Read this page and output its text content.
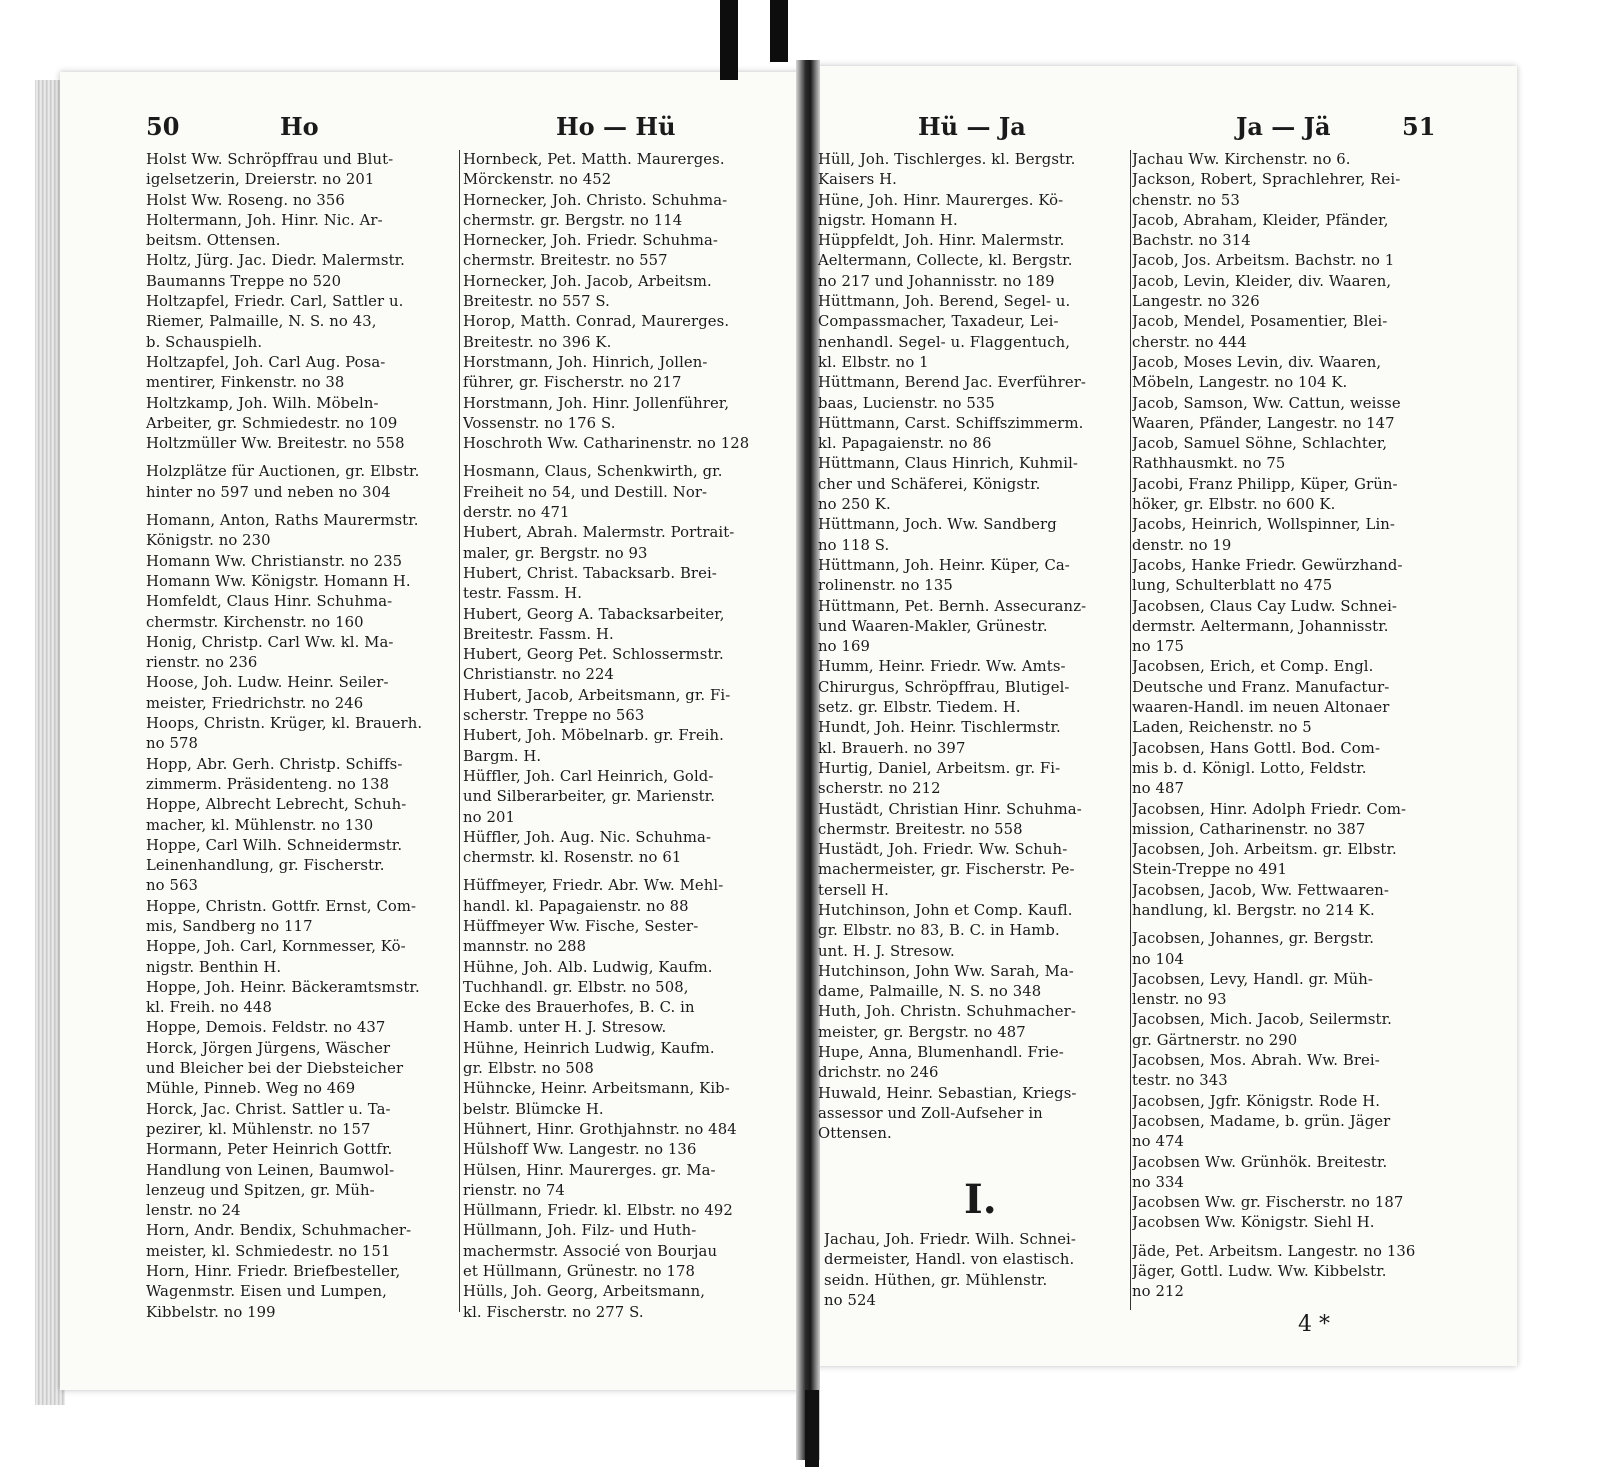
50	Ho	Ho — Hü	Hü — Ja	Ja — Jä	51
Holst Ww. Schröpffrau und Blut-
igelsetzerin, Dreierstr. no 201
Holst Ww. Roseng. no 356
Holtermann, Joh. Hinr. Nic. Ar-
beitsm. Ottensen.
Holtz, Jürg. Jac. Diedr. Malermstr.
Baumanns Treppe no 520
Holtzapfel, Friedr. Carl, Sattler u.
Riemer, Palmaille, N. S. no 43,
b. Schauspielh.
Holtzapfel, Joh. Carl Aug. Posa-
mentirer, Finkenstr. no 38
Holtzkamp, Joh. Wilh. Möbeln-
Arbeiter, gr. Schmiedestr. no 109
Holtzmüller Ww. Breitestr. no 558
Holzplätze für Auctionen, gr. Elbstr.
hinter no 597 und neben no 304
Homann, Anton, Raths Maurermstr.
Königstr. no 230
Homann Ww. Christianstr. no 235
Homann Ww. Königstr. Homann H.
Homfeldt, Claus Hinr. Schuhma-
chermstr. Kirchenstr. no 160
Honig, Christp. Carl Ww. kl. Ma-
rienstr. no 236
Hoose, Joh. Ludw. Heinr. Seiler-
meister, Friedrichstr. no 246
Hoops, Christn. Krüger, kl. Brauerh.
no 578
Hopp, Abr. Gerh. Christp. Schiffs-
zimmerm. Präsidenteng. no 138
Hoppe, Albrecht Lebrecht, Schuh-
macher, kl. Mühlenstr. no 130
Hoppe, Carl Wilh. Schneidermstr.
Leinenhandlung, gr. Fischerstr.
no 563
Hoppe, Christn. Gottfr. Ernst, Com-
mis, Sandberg no 117
Hoppe, Joh. Carl, Kornmesser, Kö-
nigstr. Benthin H.
Hoppe, Joh. Heinr. Bäckeramtsmstr.
kl. Freih. no 448
Hoppe, Demois. Feldstr. no 437
Horck, Jörgen Jürgens, Wäscher
und Bleicher bei der Diebsteicher
Mühle, Pinneb. Weg no 469
Horck, Jac. Christ. Sattler u. Ta-
pezirer, kl. Mühlenstr. no 157
Hormann, Peter Heinrich Gottfr.
Handlung von Leinen, Baumwol-
lenzeug und Spitzen, gr. Müh-
lenstr. no 24
Horn, Andr. Bendix, Schuhmacher-
meister, kl. Schmiedestr. no 151
Horn, Hinr. Friedr. Briefbesteller,
Wagenmstr. Eisen und Lumpen,
Kibbelstr. no 199
Hornbeck, Pet. Matth. Maurerges.
Mörckenstr. no 452
Hornecker, Joh. Christo. Schuhma-
chermstr. gr. Bergstr. no 114
Hornecker, Joh. Friedr. Schuhma-
chermstr. Breitestr. no 557
Hornecker, Joh. Jacob, Arbeitsm.
Breitestr. no 557 S.
Horop, Matth. Conrad, Maurerges.
Breitestr. no 396 K.
Horstmann, Joh. Hinrich, Jollen-
führer, gr. Fischerstr. no 217
Horstmann, Joh. Hinr. Jollenführer,
Vossenstr. no 176 S.
Hoschroth Ww. Catharinenstr. no 128
Hosmann, Claus, Schenkwirth, gr.
Freiheit no 54, und Destill. Nor-
derstr. no 471
Hubert, Abrah. Malermstr. Portrait-
maler, gr. Bergstr. no 93
Hubert, Christ. Tabacksarb. Brei-
testr. Fassm. H.
Hubert, Georg A. Tabacksarbeiter,
Breitestr. Fassm. H.
Hubert, Georg Pet. Schlossermstr.
Christianstr. no 224
Hubert, Jacob, Arbeitsmann, gr. Fi-
scherstr. Treppe no 563
Hubert, Joh. Möbelnarb. gr. Freih.
Bargm. H.
Hüffler, Joh. Carl Heinrich, Gold-
und Silberarbeiter, gr. Marienstr.
no 201
Hüffler, Joh. Aug. Nic. Schuhma-
chermstr. kl. Rosenstr. no 61
Hüffmeyer, Friedr. Abr. Ww. Mehl-
handl. kl. Papagaienstr. no 88
Hüffmeyer Ww. Fische, Sester-
mannstr. no 288
Hühne, Joh. Alb. Ludwig, Kaufm.
Tuchhandl. gr. Elbstr. no 508,
Ecke des Brauerhofes, B. C. in
Hamb. unter H. J. Stresow.
Hühne, Heinrich Ludwig, Kaufm.
gr. Elbstr. no 508
Hühncke, Heinr. Arbeitsmann, Kib-
belstr. Blümcke H.
Hühnert, Hinr. Grothjahnstr. no 484
Hülshoff Ww. Langestr. no 136
Hülsen, Hinr. Maurerges. gr. Ma-
rienstr. no 74
Hüllmann, Friedr. kl. Elbstr. no 492
Hüllmann, Joh. Filz- und Huth-
machermstr. Associé von Bourjau
et Hüllmann, Grünestr. no 178
Hülls, Joh. Georg, Arbeitsmann,
kl. Fischerstr. no 277 S.
Hüll, Joh. Tischlerges. kl. Bergstr.
Kaisers H.
Hüne, Joh. Hinr. Maurerges. Kö-
nigstr. Homann H.
Hüppfeldt, Joh. Hinr. Malermstr.
Aeltermann, Collecte, kl. Bergstr.
no 217 und Johannisstr. no 189
Hüttmann, Joh. Berend, Segel- u.
Compassmacher, Taxadeur, Lei-
nenhandl. Segel- u. Flaggentuch,
kl. Elbstr. no 1
Hüttmann, Berend Jac. Everführer-
baas, Lucienstr. no 535
Hüttmann, Carst. Schiffszimmerm.
kl. Papagaienstr. no 86
Hüttmann, Claus Hinrich, Kuhmil-
cher und Schäferei, Königstr.
no 250 K.
Hüttmann, Joch. Ww. Sandberg
no 118 S.
Hüttmann, Joh. Heinr. Küper, Ca-
rolinenstr. no 135
Hüttmann, Pet. Bernh. Assecuranz-
und Waaren-Makler, Grünestr.
no 169
Humm, Heinr. Friedr. Ww. Amts-
Chirurgus, Schröpffrau, Blutigel-
setz. gr. Elbstr. Tiedem. H.
Hundt, Joh. Heinr. Tischlermstr.
kl. Brauerh. no 397
Hurtig, Daniel, Arbeitsm. gr. Fi-
scherstr. no 212
Hustädt, Christian Hinr. Schuhma-
chermstr. Breitestr. no 558
Hustädt, Joh. Friedr. Ww. Schuh-
machermeister, gr. Fischerstr. Pe-
tersell H.
Hutchinson, John et Comp. Kaufl.
gr. Elbstr. no 83, B. C. in Hamb.
unt. H. J. Stresow.
Hutchinson, John Ww. Sarah, Ma-
dame, Palmaille, N. S. no 348
Huth, Joh. Christn. Schuhmacher-
meister, gr. Bergstr. no 487
Hupe, Anna, Blumenhandl. Frie-
drichstr. no 246
Huwald, Heinr. Sebastian, Kriegs-
assessor und Zoll-Aufseher in
Ottensen.
Jachau Ww. Kirchenstr. no 6.
Jackson, Robert, Sprachlehrer, Rei-
chenstr. no 53
Jacob, Abraham, Kleider, Pfänder,
Bachstr. no 314
Jacob, Jos. Arbeitsm. Bachstr. no 1
Jacob, Levin, Kleider, div. Waaren,
Langestr. no 326
Jacob, Mendel, Posamentier, Blei-
cherstr. no 444
Jacob, Moses Levin, div. Waaren,
Möbeln, Langestr. no 104 K.
Jacob, Samson, Ww. Cattun, weisse
Waaren, Pfänder, Langestr. no 147
Jacob, Samuel Söhne, Schlachter,
Rathhausmkt. no 75
Jacobi, Franz Philipp, Küper, Grün-
höker, gr. Elbstr. no 600 K.
Jacobs, Heinrich, Wollspinner, Lin-
denstr. no 19
Jacobs, Hanke Friedr. Gewürzhand-
lung, Schulterblatt no 475
Jacobsen, Claus Cay Ludw. Schnei-
dermstr. Aeltermann, Johannisstr.
no 175
Jacobsen, Erich, et Comp. Engl.
Deutsche und Franz. Manufactur-
waaren-Handl. im neuen Altonaer
Laden, Reichenstr. no 5
Jacobsen, Hans Gottl. Bod. Com-
mis b. d. Königl. Lotto, Feldstr.
no 487
Jacobsen, Hinr. Adolph Friedr. Com-
mission, Catharinenstr. no 387
Jacobsen, Joh. Arbeitsm. gr. Elbstr.
Stein-Treppe no 491
Jacobsen, Jacob, Ww. Fettwaaren-
handlung, kl. Bergstr. no 214 K.
Jacobsen, Johannes, gr. Bergstr.
no 104
Jacobsen, Levy, Handl. gr. Müh-
lenstr. no 93
Jacobsen, Mich. Jacob, Seilermstr.
gr. Gärtnerstr. no 290
Jacobsen, Mos. Abrah. Ww. Brei-
testr. no 343
Jacobsen, Jgfr. Königstr. Rode H.
Jacobsen, Madame, b. grün. Jäger
no 474
Jacobsen Ww. Grünhök. Breitestr.
no 334
Jacobsen Ww. gr. Fischerstr. no 187
Jacobsen Ww. Königstr. Siehl H.
Jäde, Pet. Arbeitsm. Langestr. no 136
Jäger, Gottl. Ludw. Ww. Kibbelstr.
no 212
I.
Jachau, Joh. Friedr. Wilh. Schnei-
dermeister, Handl. von elastisch.
seidn. Hüthen, gr. Mühlenstr.
no 524
4 *
